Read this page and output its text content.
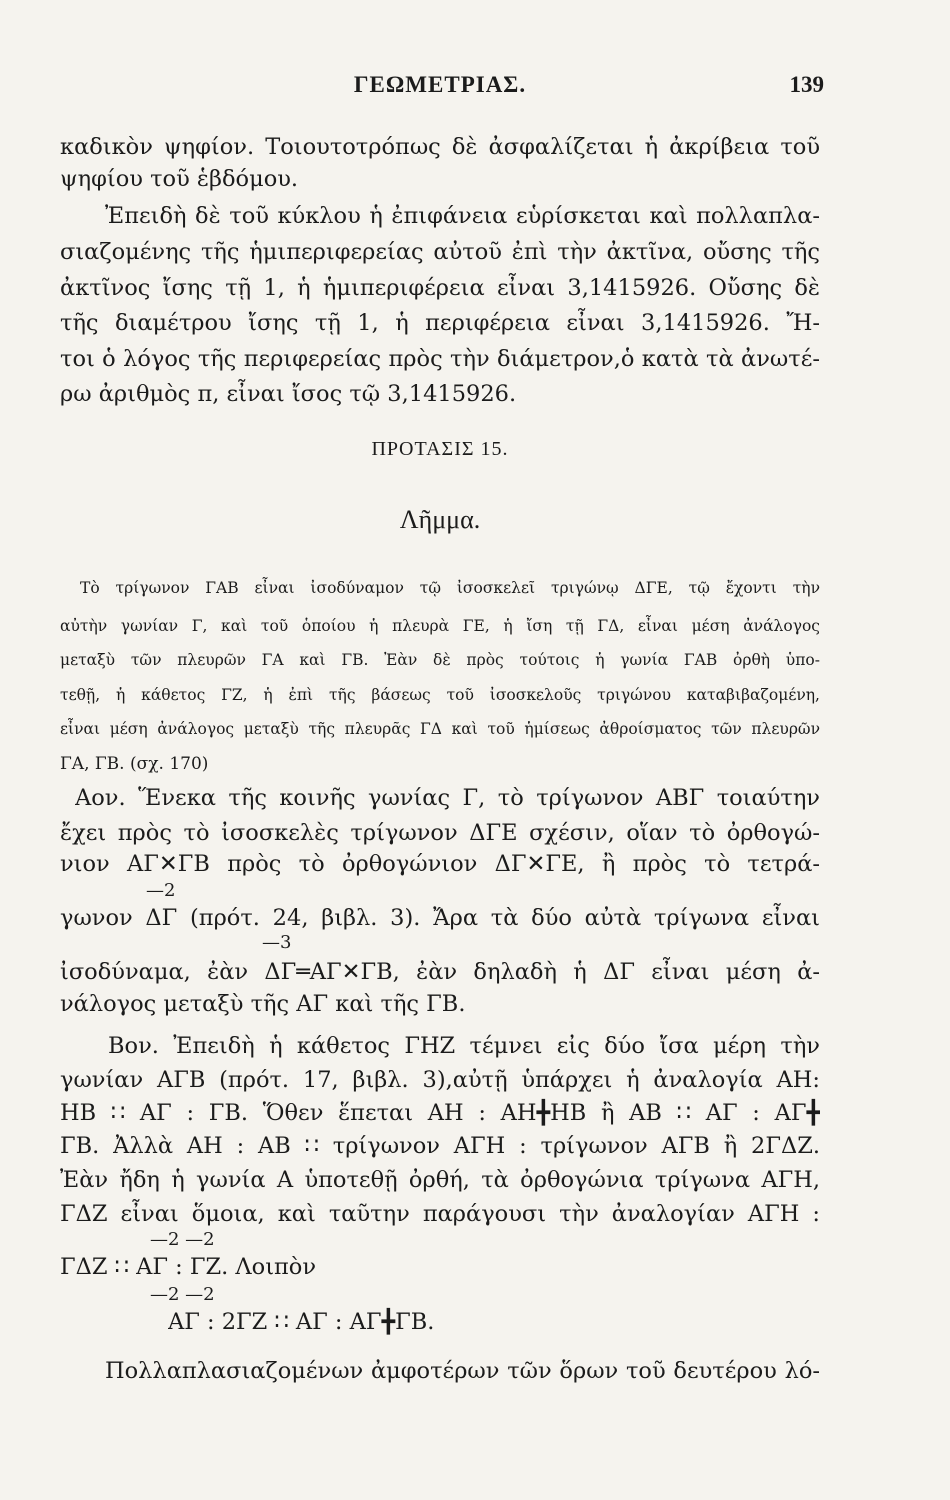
ΓΕΩΜΕΤΡΙΑΣ.	139
καδικὸν ψηφίον. Τοιουτοτρόπως δὲ ἀσφαλίζεται ἡ ἀκρίβεια τοῦ
ψηφίου τοῦ ἑβδόμου.
Ἐπειδὴ δὲ τοῦ κύκλου ἡ ἐπιφάνεια εὑρίσκεται καὶ πολλαπλα-
σιαζομένης τῆς ἡμιπεριφερείας αὐτοῦ ἐπὶ τὴν ἀκτῖνα, οὔσης τῆς
ἀκτῖνος ἴσης τῇ 1, ἡ ἡμιπεριφέρεια εἶναι 3,1415926. Οὔσης δὲ
τῆς διαμέτρου ἴσης τῇ 1, ἡ περιφέρεια εἶναι 3,1415926. Ἤ-
τοι ὁ λόγος τῆς περιφερείας πρὸς τὴν διάμετρον,ὁ κατὰ τὰ ἀνωτέ-
ρω ἀριθμὸς π, εἶναι ἴσος τῷ 3,1415926.
ΠΡΟΤΑΣΙΣ 15.
Λῆμμα.
Τὸ τρίγωνον ΓΑΒ εἶναι ἰσοδύναμον τῷ ἰσοσκελεῖ τριγώνῳ ΔΓΕ, τῷ ἔχοντι τὴν
αὐτὴν γωνίαν Γ, καὶ τοῦ ὁποίου ἡ πλευρὰ ΓΕ, ἡ ἴση τῇ ΓΔ, εἶναι μέση ἀνάλογος
μεταξὺ τῶν πλευρῶν ΓΑ καὶ ΓΒ. Ἐὰν δὲ πρὸς τούτοις ἡ γωνία ΓΑΒ ὀρθὴ ὑπο-
τεθῇ, ἡ κάθετος ΓΖ, ἡ ἐπὶ τῆς βάσεως τοῦ ἰσοσκελοῦς τριγώνου καταβιβαζομένη,
εἶναι μέση ἀνάλογος μεταξὺ τῆς πλευρᾶς ΓΔ καὶ τοῦ ἡμίσεως ἀθροίσματος τῶν πλευρῶν
ΓΑ, ΓΒ. (σχ. 170)
Αον. Ἕνεκα τῆς κοινῆς γωνίας Γ, τὸ τρίγωνον ΑΒΓ τοιαύτην
ἔχει πρὸς τὸ ἰσοσκελὲς τρίγωνον ΔΓΕ σχέσιν, οἵαν τὸ ὀρθογώ-
νιον ΑΓ✕ΓΒ πρὸς τὸ ὀρθογώνιον ΔΓ✕ΓΕ, ἢ πρὸς τὸ τετρά-
—2
γωνον ΔΓ (πρότ. 24, βιβλ. 3). Ἄρα τὰ δύο αὐτὰ τρίγωνα εἶναι
—3
ἰσοδύναμα, ἐὰν ΔΓ═ΑΓ✕ΓΒ, ἐὰν δηλαδὴ ἡ ΔΓ εἶναι μέση ἀ-
νάλογος μεταξὺ τῆς ΑΓ καὶ τῆς ΓΒ.
Βον. Ἐπειδὴ ἡ κάθετος ΓΗΖ τέμνει εἰς δύο ἴσα μέρη τὴν
γωνίαν ΑΓΒ (πρότ. 17, βιβλ. 3),αὐτῇ ὑπάρχει ἡ ἀναλογία ΑΗ:
ΗΒ ∷ ΑΓ : ΓΒ. Ὅθεν ἕπεται ΑΗ : ΑΗ╋ΗΒ ἢ ΑΒ ∷ ΑΓ : ΑΓ╋
ΓΒ. Ἀλλὰ ΑΗ : ΑΒ ∷ τρίγωνον ΑΓΗ : τρίγωνον ΑΓΒ ἢ 2ΓΔΖ.
Ἐὰν ἤδη ἡ γωνία Α ὑποτεθῇ ὀρθή, τὰ ὀρθογώνια τρίγωνα ΑΓΗ,
ΓΔΖ εἶναι ὅμοια, καὶ ταῦτην παράγουσι τὴν ἀναλογίαν ΑΓΗ :
—2 —2
ΓΔΖ ∷ ΑΓ : ΓΖ. Λοιπὸν
—2 —2
ΑΓ : 2ΓΖ ∷ ΑΓ : ΑΓ╋ΓΒ.
Πολλαπλασιαζομένων ἀμφοτέρων τῶν ὅρων τοῦ δευτέρου λό-
